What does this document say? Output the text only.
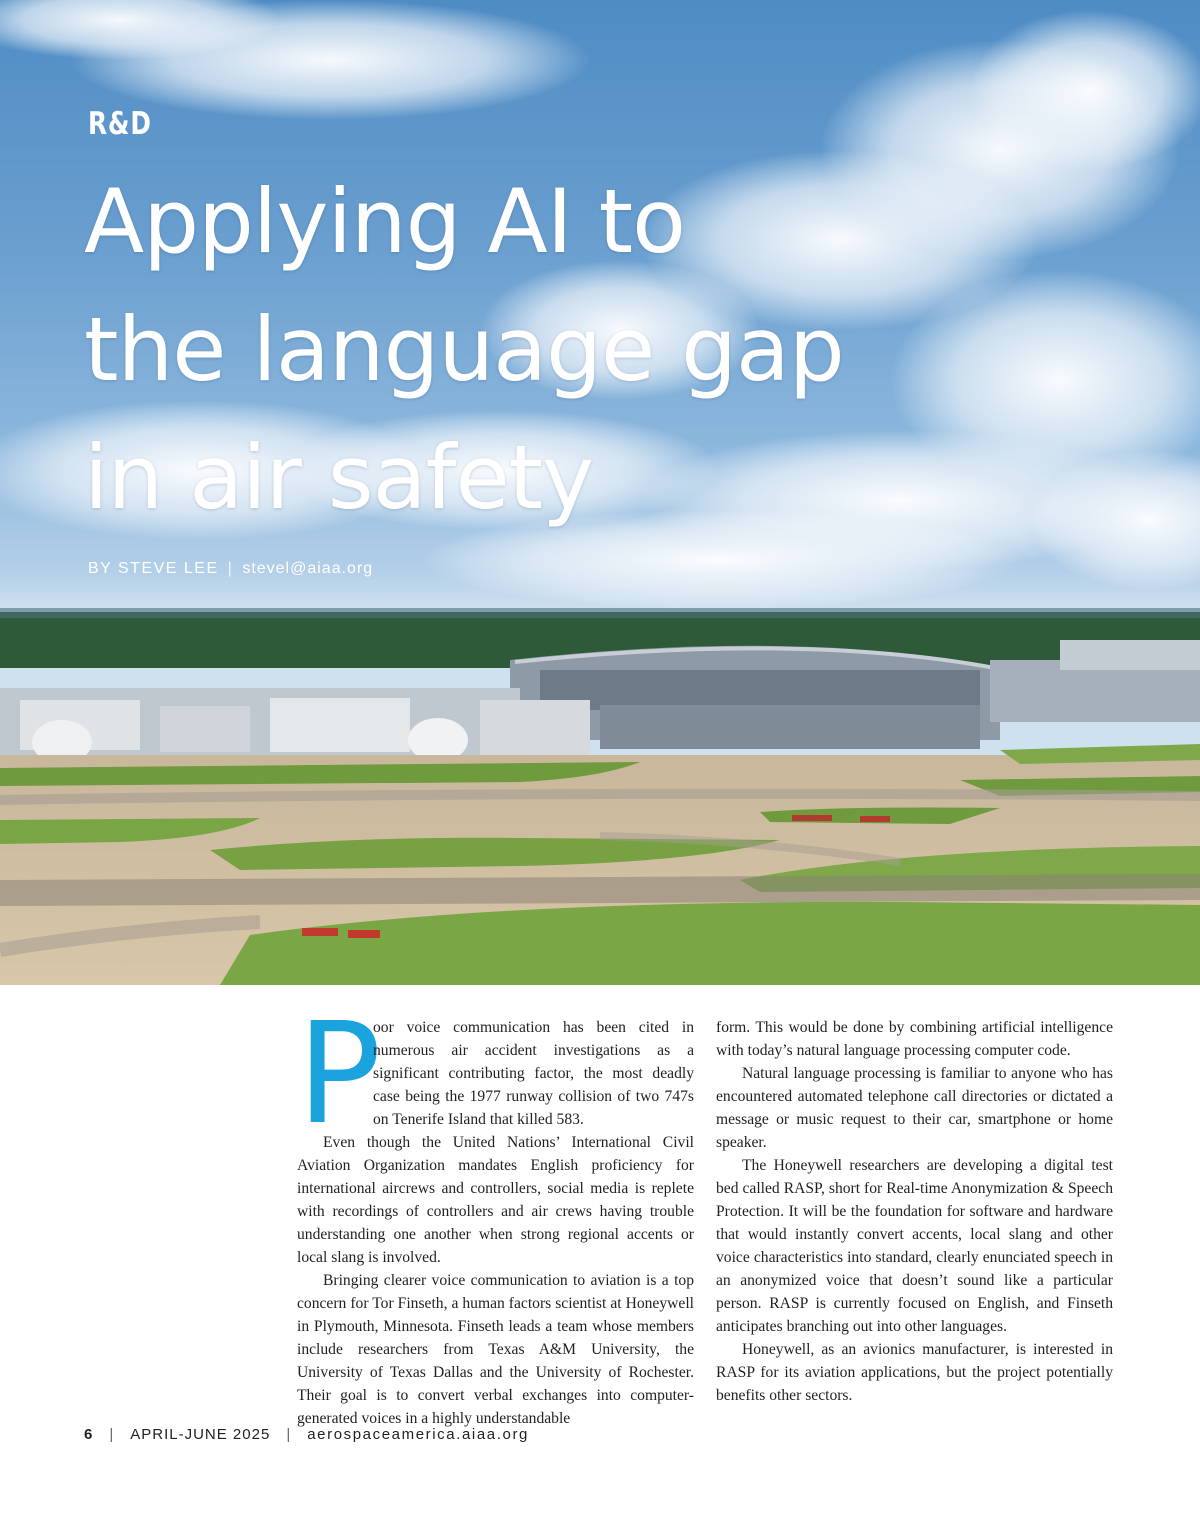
R&D
Applying AI to
the language gap
in air safety
BY STEVE LEE | stevel@aiaa.org

P
oor voice communication has been cited in numerous air accident investigations as a significant contributing factor, the most deadly case being the 1977 runway collision of two 747s on Tenerife Island that killed 583.

Even though the United Nations’ International Civil Aviation Organization mandates English proficiency for international aircrews and controllers, social media is replete with recordings of controllers and air crews having trouble understanding one another when strong regional accents or local slang is involved.

Bringing clearer voice communication to aviation is a top concern for Tor Finseth, a human factors scientist at Honeywell in Plymouth, Minnesota. Finseth leads a team whose members include researchers from Texas A&M University, the University of Texas Dallas and the University of Rochester. Their goal is to convert verbal exchanges into computer-generated voices in a highly understandable

form. This would be done by combining artificial intelligence with today’s natural language processing computer code.

Natural language processing is familiar to anyone who has encountered automated telephone call directories or dictated a message or music request to their car, smartphone or home speaker.

The Honeywell researchers are developing a digital test bed called RASP, short for Real-time Anonymization & Speech Protection. It will be the foundation for software and hardware that would instantly convert accents, local slang and other voice characteristics into standard, clearly enunciated speech in an anonymized voice that doesn’t sound like a particular person. RASP is currently focused on English, and Finseth anticipates branching out into other languages.

Honeywell, as an avionics manufacturer, is interested in RASP for its aviation applications, but the project potentially benefits other sectors.

6 | APRIL-JUNE 2025 | aerospaceamerica.aiaa.org
